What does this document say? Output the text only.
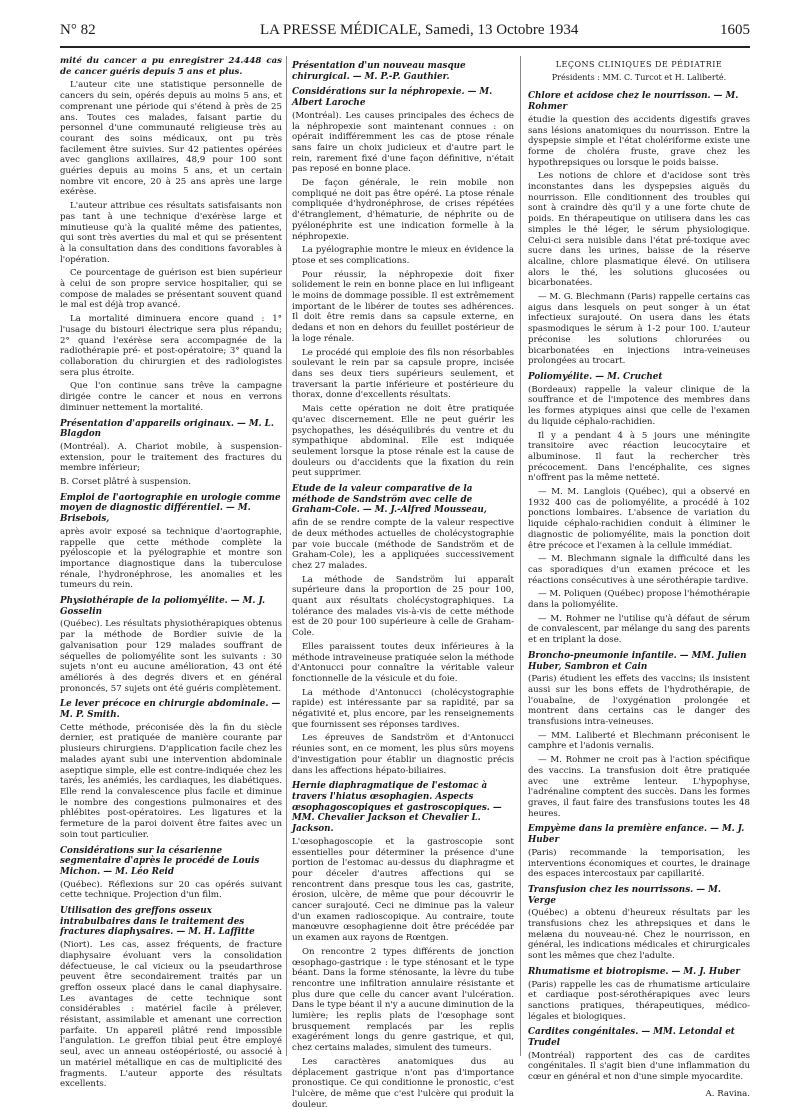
N° 82	LA PRESSE MÉDICALE, Samedi, 13 Octobre 1934	1605

mité du cancer a pu enregistrer 24.448 cas de cancer guéris depuis 5 ans et plus.

L'auteur cite une statistique personnelle de cancers du sein, opérés depuis au moins 5 ans, et comprenant une période qui s'étend à près de 25 ans. Toutes ces malades, faisant partie du personnel d'une communauté religieuse très au courant des soins médicaux, ont pu très facilement être suivies. Sur 42 patientes opérées avec ganglions axillaires, 48,9 pour 100 sont guéries depuis au moins 5 ans, et un certain nombre vit encore, 20 à 25 ans après une large exérèse.

L'auteur attribue ces résultats satisfaisants non pas tant à une technique d'exérèse large et minutieuse qu'à la qualité même des patientes, qui sont très averties du mal et qui se présentent à la consultation dans des conditions favorables à l'opération.

Ce pourcentage de guérison est bien supérieur à celui de son propre service hospitalier, qui se compose de malades se présentant souvent quand le mal est déjà trop avancé.

La mortalité diminuera encore quand : 1° l'usage du bistouri électrique sera plus répandu; 2° quand l'exérèse sera accompagnée de la radiothérapie pré- et post-opératoire; 3° quand la collaboration du chirurgien et des radiologistes sera plus étroite.

Que l'on continue sans trêve la campagne dirigée contre le cancer et nous en verrons diminuer nettement la mortalité.

Présentation d'appareils originaux. — M. L. Blagdon

(Montréal). A. Chariot mobile, à suspension-extension, pour le traitement des fractures du membre inférieur;

B. Corset plâtré à suspension.

Emploi de l'aortographie en urologie comme moyen de diagnostic différentiel. — M. Brisebois,

après avoir exposé sa technique d'aortographie, rappelle que cette méthode complète la pyéloscopie et la pyélographie et montre son importance diagnostique dans la tuberculose rénale, l'hydronéphrose, les anomalies et les tumeurs du rein.

Physiothérapie de la poliomyélite. — M. J. Gosselin

(Québec). Les résultats physiothérapiques obtenus par la méthode de Bordier suivie de la galvanisation pour 129 malades souffrant de séquelles de poliomyélite sont les suivants : 30 sujets n'ont eu aucune amélioration, 43 ont été améliorés à des degrés divers et en général prononcés, 57 sujets ont été guéris complètement.

Le lever précoce en chirurgie abdominale. — M. P. Smith.

Cette méthode, préconisée dès la fin du siècle dernier, est pratiquée de manière courante par plusieurs chirurgiens. D'application facile chez les malades ayant subi une intervention abdominale aseptique simple, elle est contre-indiquée chez les tarés, les anémiés, les cardiaques, les diabétiques. Elle rend la convalescence plus facile et diminue le nombre des congestions pulmonaires et des phlébites post-opératoires. Les ligatures et la fermeture de la paroi doivent être faites avec un soin tout particulier.

Considérations sur la césarienne segmentaire d'après le procédé de Louis Michon. — M. Léo Reid

(Québec). Réflexions sur 20 cas opérés suivant cette technique. Projection d'un film.

Utilisation des greffons osseux intrabulbaires dans le traitement des fractures diaphysaires. — M. H. Laffitte

(Niort). Les cas, assez fréquents, de fracture diaphysaire évoluant vers la consolidation défectueuse, le cal vicieux ou la pseudarthrose peuvent être secondairement traités par un greffon osseux placé dans le canal diaphysaire. Les avantages de cette technique sont considérables : matériel facile à prélever, résistant, assimilable et amenant une correction parfaite. Un appareil plâtré rend impossible l'angulation. Le greffon tibial peut être employé seul, avec un anneau ostéopériosté, ou associé à un matériel métallique en cas de multiplicité des fragments. L'auteur apporte des résultats excellents.

Présentation d'un nouveau masque chirurgical. — M. P.-P. Gauthier.
Considérations sur la néphropexie. — M. Albert Laroche

(Montréal). Les causes principales des échecs de la néphropexie sont maintenant connues : on opérait indifféremment les cas de ptose rénale sans faire un choix judicieux et d'autre part le rein, rarement fixé d'une façon définitive, n'était pas reposé en bonne place.

De façon générale, le rein mobile non compliqué ne doit pas être opéré. La ptose rénale compliquée d'hydronéphrose, de crises répétées d'étranglement, d'hématurie, de néphrite ou de pyélonéphrite est une indication formelle à la néphropexie.

La pyélographie montre le mieux en évidence la ptose et ses complications.

Pour réussir, la néphropexie doit fixer solidement le rein en bonne place en lui infligeant le moins de dommage possible. Il est extrêmement important de le libérer de toutes ses adhérences. Il doit être remis dans sa capsule externe, en dedans et non en dehors du feuillet postérieur de la loge rénale.

Le procédé qui emploie des fils non résorbables soulevant le rein par sa capsule propre, incisée dans ses deux tiers supérieurs seulement, et traversant la partie inférieure et postérieure du thorax, donne d'excellents résultats.

Mais cette opération ne doit être pratiquée qu'avec discernement. Elle ne peut guérir les psychopathes, les déséquilibrés du ventre et du sympathique abdominal. Elle est indiquée seulement lorsque la ptose rénale est la cause de douleurs ou d'accidents que la fixation du rein peut supprimer.

Etude de la valeur comparative de la méthode de Sandström avec celle de Graham-Cole. — M. J.-Alfred Mousseau,

afin de se rendre compte de la valeur respective de deux méthodes actuelles de cholécystographie par voie buccale (méthode de Sandström et de Graham-Cole), les a appliquées successivement chez 27 malades.

La méthode de Sandström lui apparaît supérieure dans la proportion de 25 pour 100, quant aux résultats cholécystographiques. La tolérance des malades vis-à-vis de cette méthode est de 20 pour 100 supérieure à celle de Graham-Cole.

Elles paraissent toutes deux inférieures à la méthode intraveineuse pratiquée selon la méthode d'Antonucci pour connaître la véritable valeur fonctionnelle de la vésicule et du foie.

La méthode d'Antonucci (cholécystographie rapide) est intéressante par sa rapidité, par sa négativité et, plus encore, par les renseignements que fournissent ses réponses tardives.

Les épreuves de Sandström et d'Antonucci réunies sont, en ce moment, les plus sûrs moyens d'investigation pour établir un diagnostic précis dans les affections hépato-biliaires.

Hernie diaphragmatique de l'estomac à travers l'hiatus œsophagien. Aspects œsophagoscopiques et gastroscopiques. — MM. Chevalier Jackson et Chevalier L. Jackson.

L'œsophagoscopie et la gastroscopie sont essentielles pour déterminer la présence d'une portion de l'estomac au-dessus du diaphragme et pour déceler d'autres affections qui se rencontrent dans presque tous les cas, gastrite, érosion, ulcère, de même que pour découvrir le cancer surajouté. Ceci ne diminue pas la valeur d'un examen radioscopique. Au contraire, toute manœuvre œsophagienne doit être précédée par un examen aux rayons de Rœntgen.

On rencontre 2 types différents de jonction œsophago-gastrique : le type sténosant et le type béant. Dans la forme sténosante, la lèvre du tube rencontre une infiltration annulaire résistante et plus dure que celle du cancer avant l'ulcération. Dans le type béant il n'y a aucune diminution de la lumière; les replis plats de l'œsophage sont brusquement remplacés par les replis exagérément longs du genre gastrique, et qui, chez certains malades, simulent des tumeurs.

Les caractères anatomiques dus au déplacement gastrique n'ont pas d'importance pronostique. Ce qui conditionne le pronostic, c'est l'ulcère, de même que c'est l'ulcère qui produit la douleur.

LEÇONS CLINIQUES DE PÉDIATRIE
Présidents : MM. C. Turcot et H. Laliberté.
Chlore et acidose chez le nourrisson. — M. Rohmer

étudie la question des accidents digestifs graves sans lésions anatomiques du nourrisson. Entre la dyspepsie simple et l'état cholériforme existe une forme de choléra fruste, grave chez les hypothrepsiques ou lorsque le poids baisse.

Les notions de chlore et d'acidose sont très inconstantes dans les dyspepsies aiguës du nourrisson. Elle conditionnent des troubles qui sont à craindre dès qu'il y a une forte chute de poids. En thérapeutique on utilisera dans les cas simples le thé léger, le sérum physiologique. Celui-ci sera nuisible dans l'état pré-toxique avec sucre dans les urines, baisse de la réserve alcaline, chlore plasmatique élevé. On utilisera alors le thé, les solutions glucosées ou bicarbonatées.

— M. G. Blechmann (Paris) rappelle certains cas aigus dans lesquels on peut songer à un état infectieux surajouté. On usera dans les états spasmodiques le sérum à 1-2 pour 100. L'auteur préconise les solutions chlorurées ou bicarbonatées en injections intra-veineuses prolongées au trocart.

Poliomyélite. — M. Cruchet

(Bordeaux) rappelle la valeur clinique de la souffrance et de l'impotence des membres dans les formes atypiques ainsi que celle de l'examen du liquide céphalo-rachidien.

Il y a pendant 4 à 5 jours une méningite transitoire avec réaction leucocytaire et albuminose. Il faut la rechercher très précocement. Dans l'encéphalite, ces signes n'offrent pas la même netteté.

— M. M. Langlois (Québec), qui a observé en 1932 400 cas de poliomyélite, a procédé à 102 ponctions lombaires. L'absence de variation du liquide céphalo-rachidien conduit à éliminer le diagnostic de poliomyélite, mais la ponction doit être précoce et l'examen à la cellule immédiat.

— M. Blechmann signale la difficulté dans les cas sporadiques d'un examen précoce et les réactions consécutives à une sérothérapie tardive.

— M. Poliquen (Québec) propose l'hémothérapie dans la poliomyélite.

— M. Rohmer ne l'utilise qu'à défaut de sérum de convalescent, par mélange du sang des parents et en triplant la dose.

Broncho-pneumonie infantile. — MM. Julien Huber, Sambron et Cain

(Paris) étudient les effets des vaccins; ils insistent aussi sur les bons effets de l'hydrothérapie, de l'ouabaïne, de l'oxygénation prolongée et montrent dans certains cas le danger des transfusions intra-veineuses.

— MM. Laliberté et Blechmann préconisent le camphre et l'adonis vernalis.

— M. Rohmer ne croit pas à l'action spécifique des vaccins. La transfusion doit être pratiquée avec une extrême lenteur. L'hypophyse, l'adrénaline comptent des succès. Dans les formes graves, il faut faire des transfusions toutes les 48 heures.

Empyème dans la première enfance. — M. J. Huber

(Paris) recommande la temporisation, les interventions économiques et courtes, le drainage des espaces intercostaux par capillarité.

Transfusion chez les nourrissons. — M. Verge

(Québec) a obtenu d'heureux résultats par les transfusions chez les athrepsiques et dans le melæna du nouveau-né. Chez le nourrisson, en général, les indications médicales et chirurgicales sont les mêmes que chez l'adulte.

Rhumatisme et biotropisme. — M. J. Huber

(Paris) rappelle les cas de rhumatisme articulaire et cardiaque post-sérothérapiques avec leurs sanctions pratiques, thérapeutiques, médico-légales et biologiques.

Cardites congénitales. — MM. Letondal et Trudel

(Montréal) rapportent des cas de cardites congénitales. Il s'agit bien d'une inflammation du cœur en général et non d'une simple myocardite.

A. Ravina.
